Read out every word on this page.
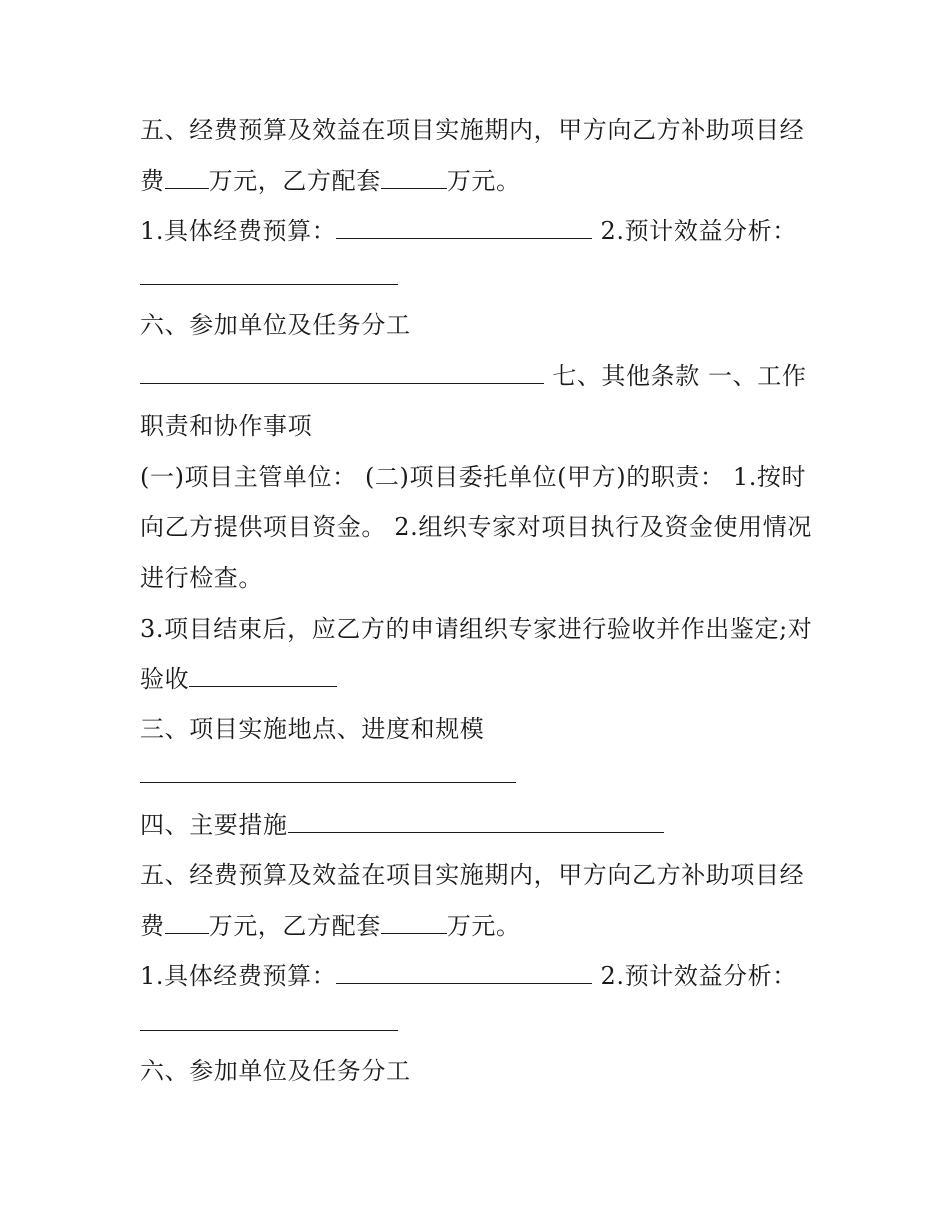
五、经费预算及效益在项目实施期内，甲方向乙方补助项目经
费 万元，乙方配套	万元。
1.具体经费预算：	2.预计效益分析：
六、参加单位及任务分工
七、其他条款 一、工作
职责和协作事项
(一)项目主管单位： (二)项目委托单位(甲方)的职责： 1.按时
向乙方提供项目资金。 2.组织专家对项目执行及资金使用情况
进行检查。
3.项目结束后，应乙方的申请组织专家进行验收并作出鉴定;对
验收
三、项目实施地点、进度和规模
四、主要措施
五、经费预算及效益在项目实施期内，甲方向乙方补助项目经
费 万元，乙方配套	万元。
1.具体经费预算：	2.预计效益分析：
六、参加单位及任务分工
